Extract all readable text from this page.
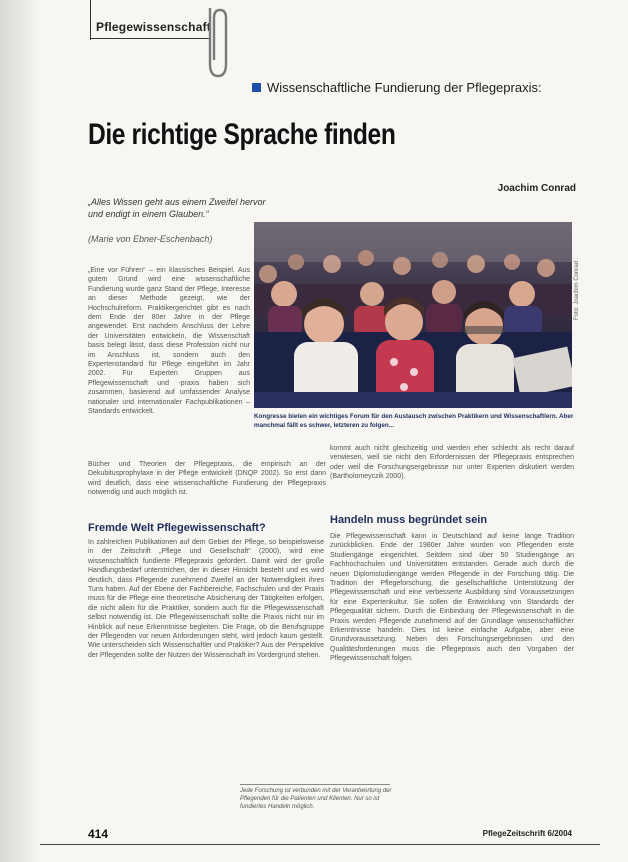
Pflegewissenschaft
Wissenschaftliche Fundierung der Pflegepraxis:
Die richtige Sprache finden
Joachim Conrad
„Alles Wissen geht aus einem Zweifel hervor und endigt in einem Glauben.“
(Marie von Ebner-Eschenbach)
Foto: Joachim Conrad
Kongresse bieten ein wichtiges Forum für den Austausch zwischen Praktikern und Wissenschaftlern. Aber manchmal fällt es schwer, letzteren zu folgen...
„Eine vor Führen“ – ein klassisches Beispiel. Aus gutem Grund wird eine wissenschaftliche Fundierung wurde ganz Stand der Pflege, Interesse an dieser Methode gezeigt, wie der Hochschulreform. Praktikergerichtet gibt es nach dem Ende der 80er Jahre in der Pflege angewendet. Erst nachdem Anschluss der Lehre der Universitäten entwickeln, die Wissenschaft basis belegt lässt, dass diese Profession nicht nur im Anschluss ist, sondern auch den Expertenstandard für Pflege eingeführt im Jahr 2002. Für Experten Gruppen aus Pflegewissenschaft und -praxis haben sich zusammen, basierend auf umfassender Analyse nationaler und internationaler Fachpublikationen – Standards entwickelt.
Bücher und Theorien der Pflegepraxis, die empirisch an der Dekubitusprophylaxe in der Pflege entwickelt (DNQP 2002). So erst dann wird deutlich, dass eine wissenschaftliche Fundierung der Pflegepraxis notwendig und auch möglich ist.
kommt auch nicht gleichzeitig und werden eher schlecht als recht darauf verwiesen, weil sie nicht den Erfordernissen der Pflegepraxis entsprechen oder weil die Forschungsergebnisse nur unter Experten diskutiert werden (Bartholomeyczik 2000).
Fremde Welt Pflegewissenschaft?
Handeln muss begründet sein
In zahlreichen Publikationen auf dem Gebiet der Pflege, so beispielsweise in der Zeitschrift „Pflege und Gesellschaft“ (2000), wird eine wissenschaftlich fundierte Pflegepraxis gefordert. Damit wird der große Handlungsbedarf unterstrichen, der in dieser Hinsicht besteht und es wird deutlich, dass Pflegende zunehmend Zweifel an der Notwendigkeit ihres Tuns haben. Auf der Ebene der Fachbereiche, Fachschulen und der Praxis muss für die Pflege eine theoretische Absicherung der Tätigkeiten erfolgen, die nicht allein für die Praktiker, sondern auch für die Pflegewissenschaft selbst notwendig ist. Die Pflegewissenschaft sollte die Praxis nicht nur im Hinblick auf neue Erkenntnisse begleiten. Die Frage, ob die Berufsgruppe der Pflegenden vor neuen Anforderungen steht, wird jedoch kaum gestellt. Wie unterscheiden sich Wissenschaftler und Praktiker? Aus der Perspektive der Pflegenden sollte der Nutzen der Wissenschaft im Vordergrund stehen.
Die Pflegewissenschaft kann in Deutschland auf keine lange Tradition zurückblicken. Ende der 1980er Jahre wurden von Pflegenden erste Studiengänge eingerichtet. Seitdem sind über 50 Studiengänge an Fachhochschulen und Universitäten entstanden. Gerade auch durch die neuen Diplomstudiengänge werden Pflegende in der Forschung tätig. Die Tradition der Pflegeforschung, die gesellschaftliche Unterstützung der Pflegewissenschaft und eine verbesserte Ausbildung sind Voraussetzungen für eine Expertenkultur. Sie sollen die Entwicklung von Standards der Pflegequalität sichern. Durch die Einbindung der Pflegewissenschaft in die Praxis werden Pflegende zunehmend auf der Grundlage wissenschaftlicher Erkenntnisse handeln. Dies ist keine einfache Aufgabe, aber eine Grundvoraussetzung. Neben den Forschungsergebnissen und den Qualitätsforderungen muss die Pflegepraxis auch den Vorgaben der Pflegewissenschaft folgen.
Jede Forschung ist verbunden mit der Verantwortung der Pflegenden für die Patienten und Klienten. Nur so ist fundiertes Handeln möglich.
414	PflegeZeitschrift 6/2004
